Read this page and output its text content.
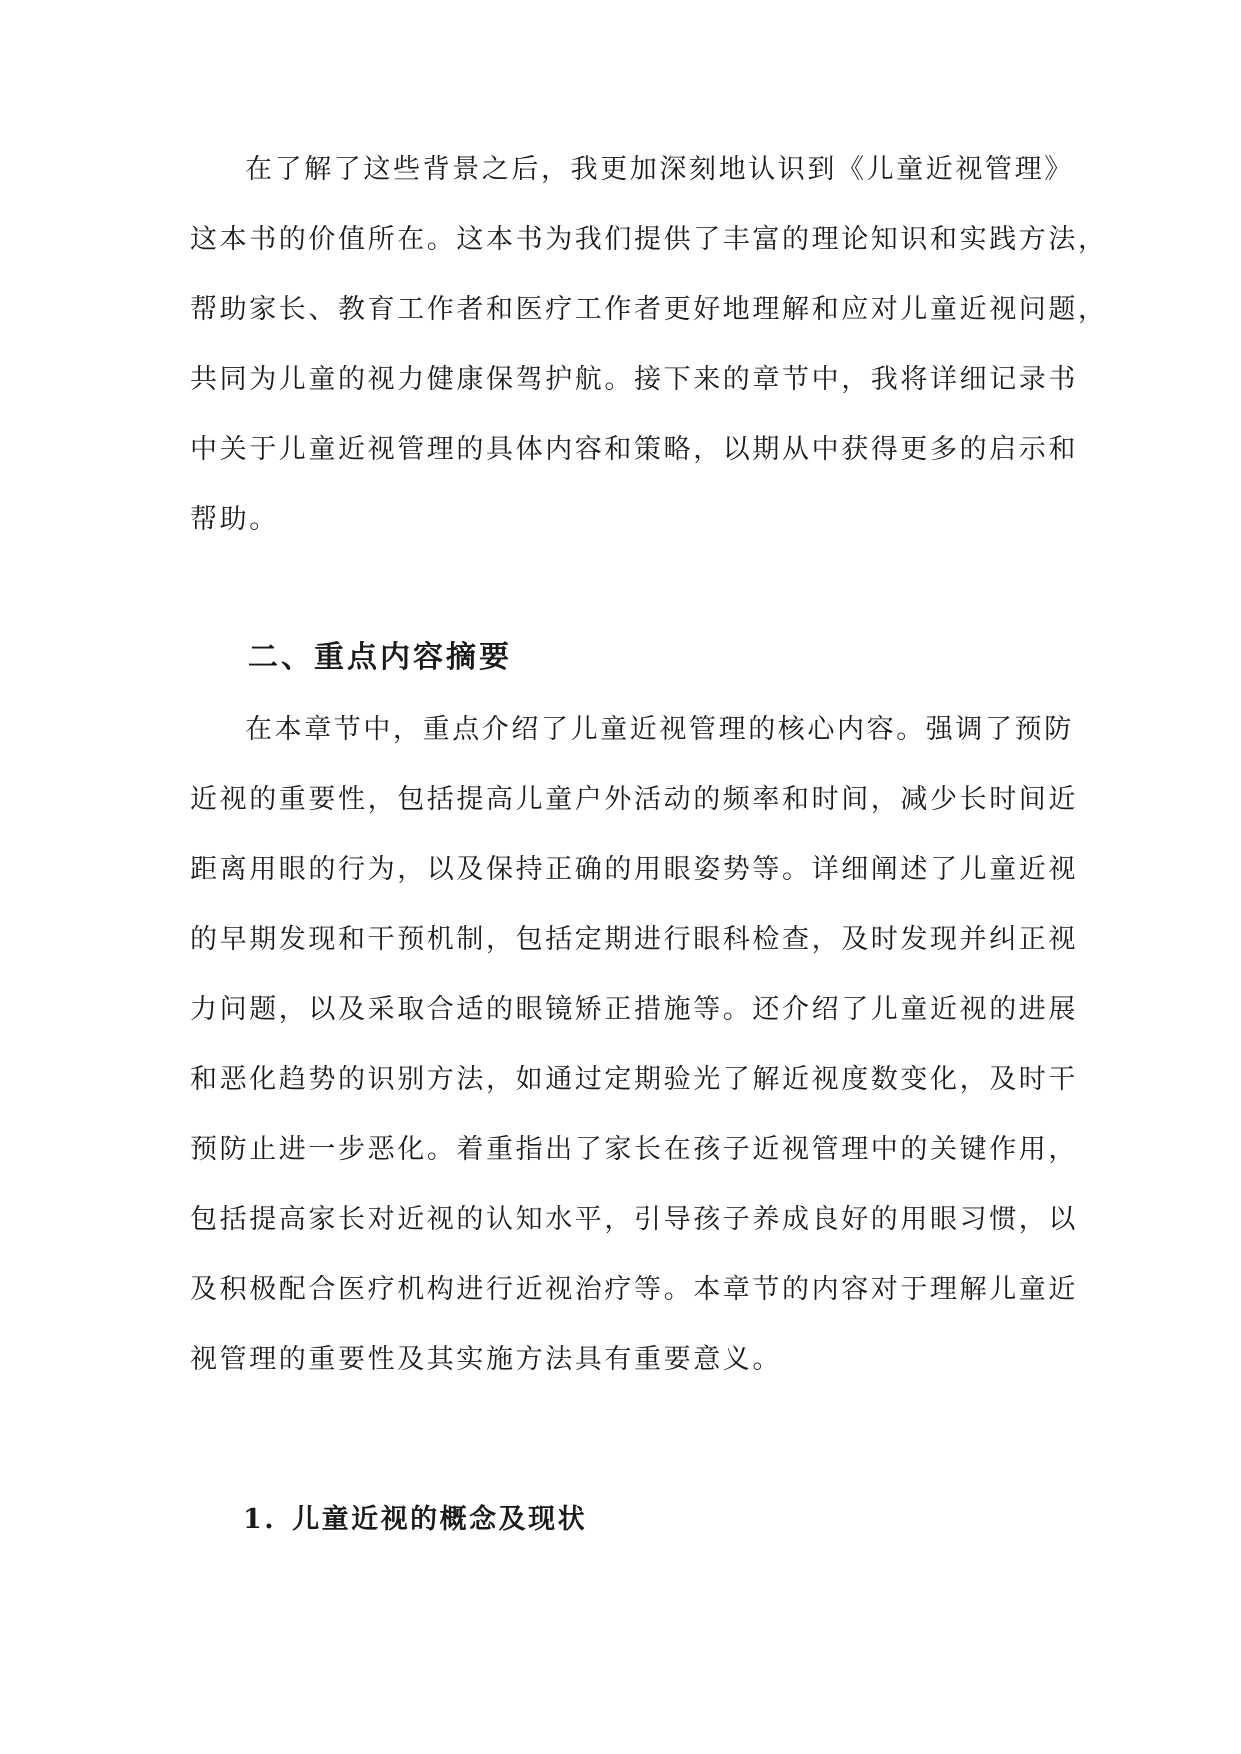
在了解了这些背景之后，我更加深刻地认识到《儿童近视管理》
这本书的价值所在。这本书为我们提供了丰富的理论知识和实践方法，
帮助家长、教育工作者和医疗工作者更好地理解和应对儿童近视问题，
共同为儿童的视力健康保驾护航。接下来的章节中，我将详细记录书
中关于儿童近视管理的具体内容和策略，以期从中获得更多的启示和
帮助。
二、重点内容摘要
在本章节中，重点介绍了儿童近视管理的核心内容。强调了预防
近视的重要性，包括提高儿童户外活动的频率和时间，减少长时间近
距离用眼的行为，以及保持正确的用眼姿势等。详细阐述了儿童近视
的早期发现和干预机制，包括定期进行眼科检查，及时发现并纠正视
力问题，以及采取合适的眼镜矫正措施等。还介绍了儿童近视的进展
和恶化趋势的识别方法，如通过定期验光了解近视度数变化，及时干
预防止进一步恶化。着重指出了家长在孩子近视管理中的关键作用，
包括提高家长对近视的认知水平，引导孩子养成良好的用眼习惯，以
及积极配合医疗机构进行近视治疗等。本章节的内容对于理解儿童近
视管理的重要性及其实施方法具有重要意义。
1. 儿童近视的概念及现状
